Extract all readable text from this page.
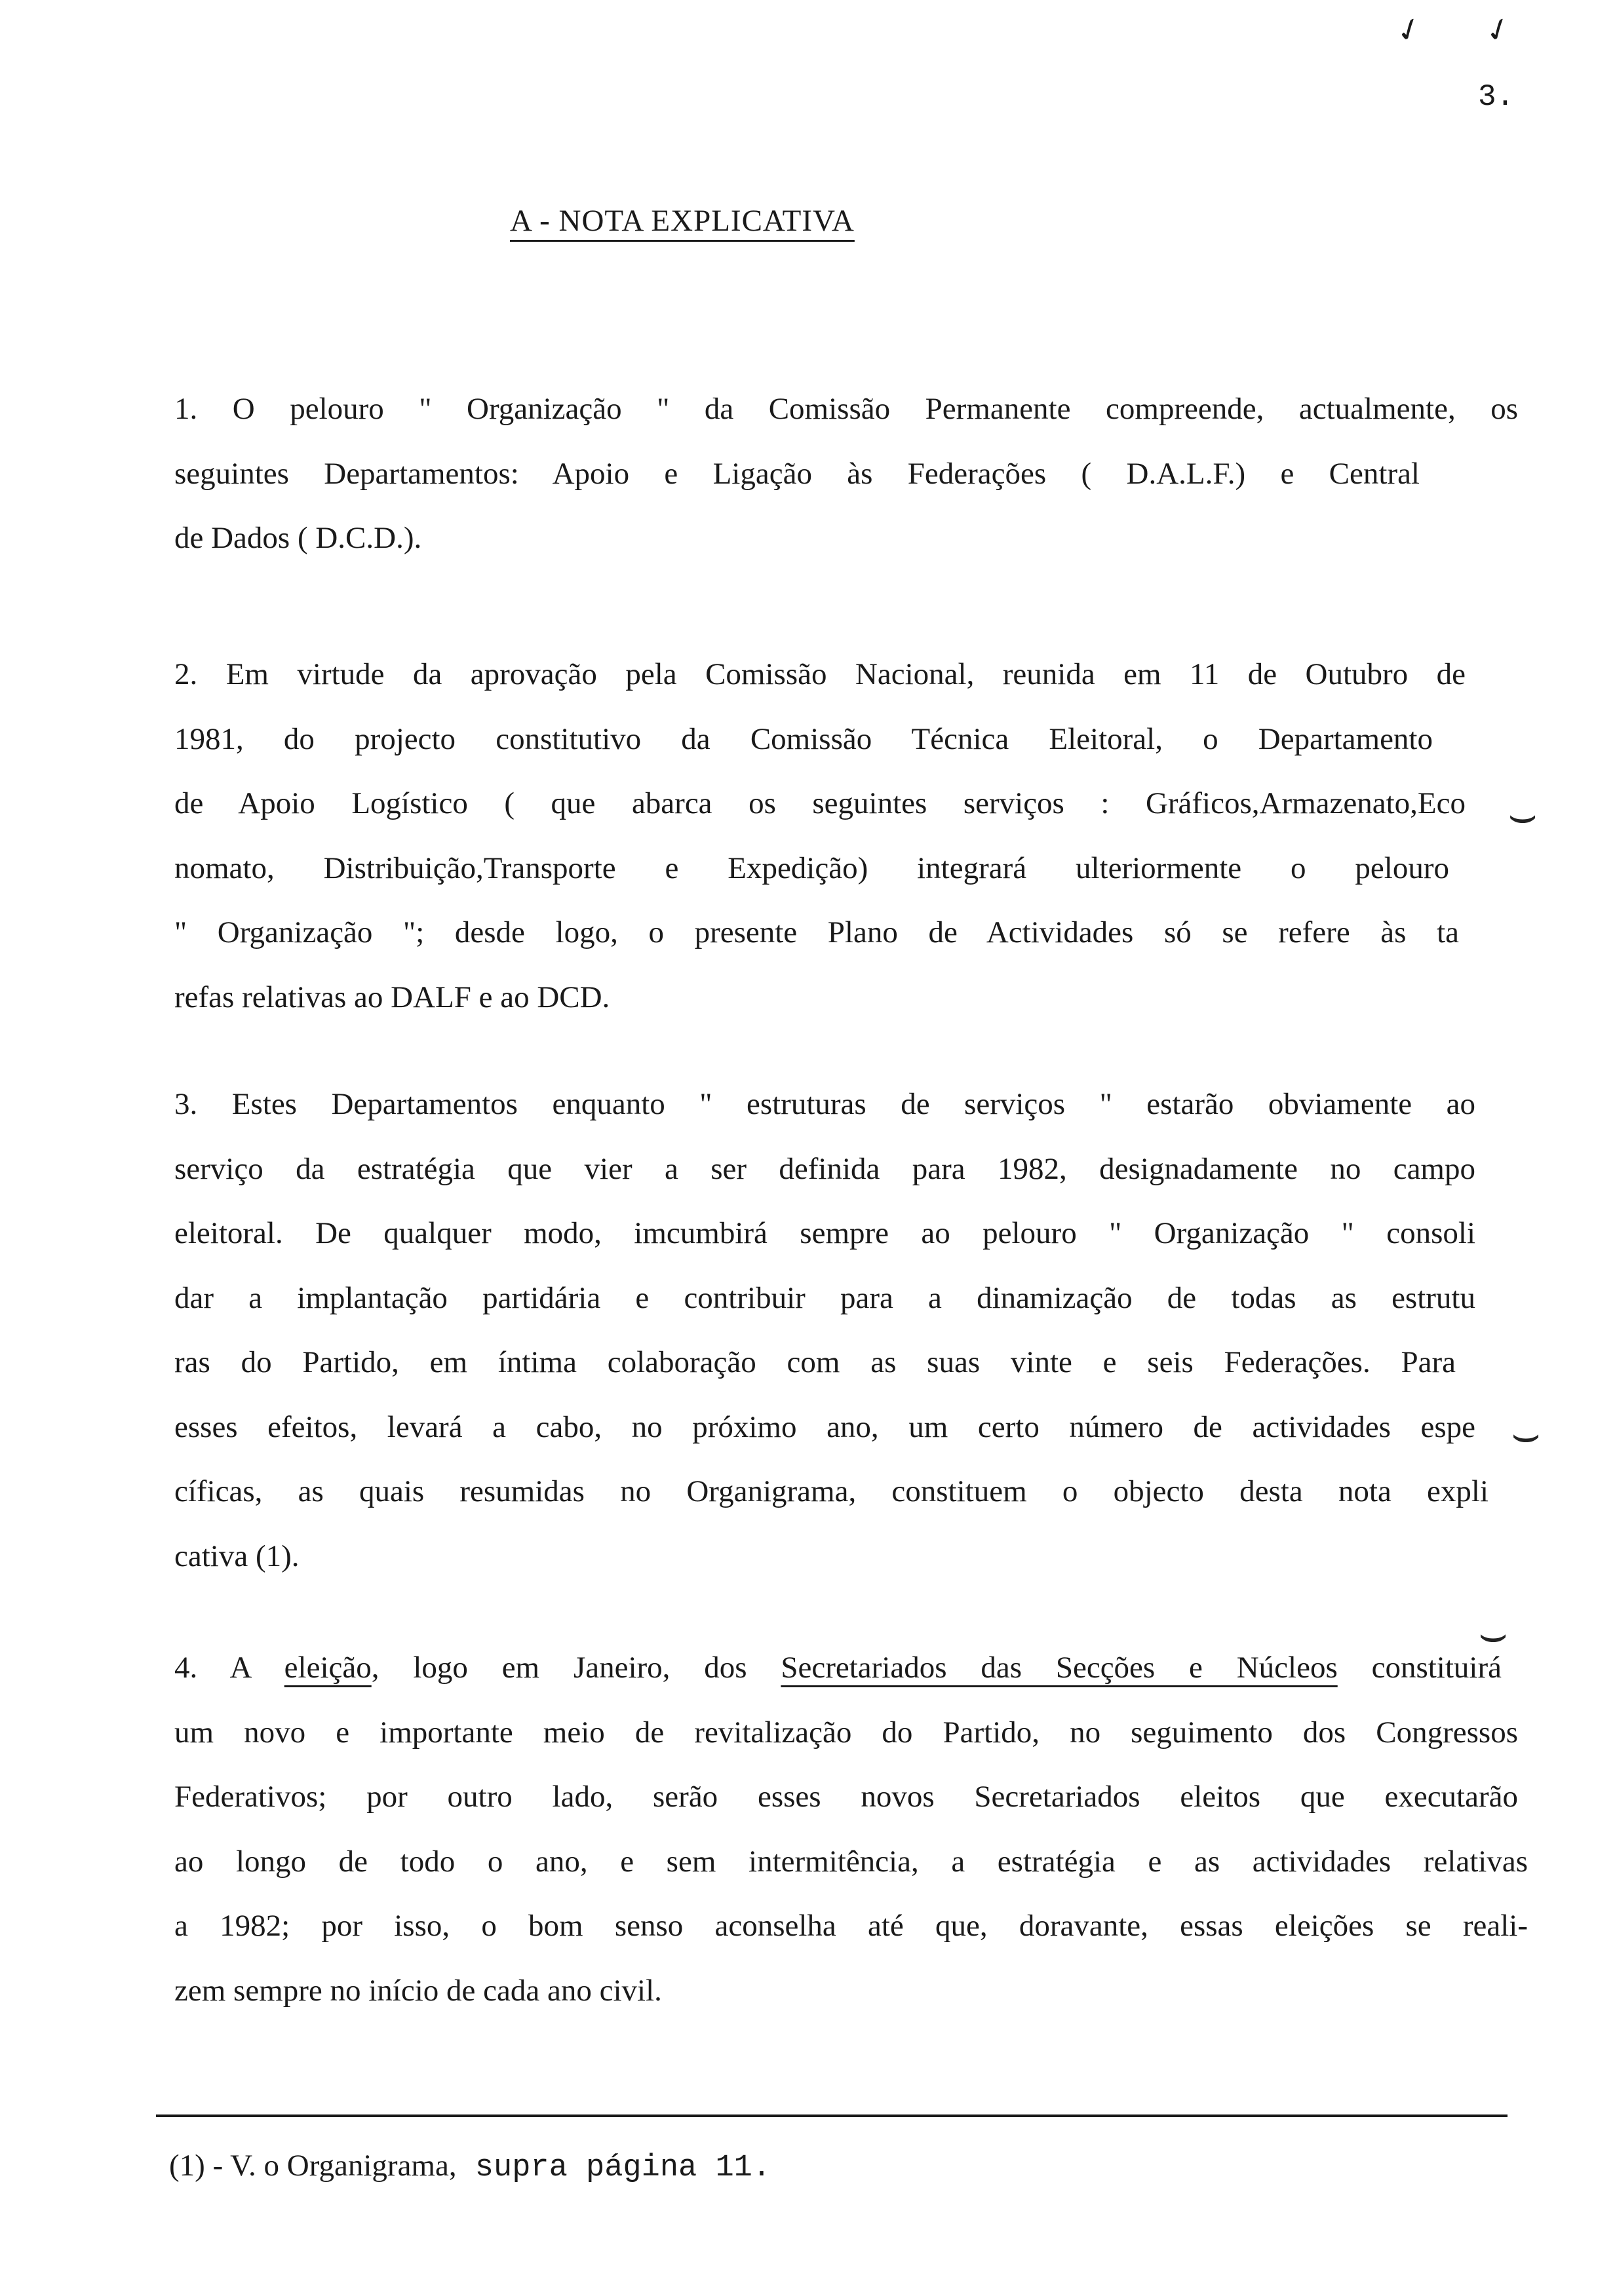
✓ ✓
3.
A - NOTA EXPLICATIVA
1. O pelouro " Organização " da Comissão Permanente compreende, actualmente, os
seguintes Departamentos: Apoio e Ligação às Federações ( D.A.L.F.) e Central
de Dados ( D.C.D.).
2. Em virtude da aprovação pela Comissão Nacional, reunida em 11 de Outubro de
1981, do projecto constitutivo da Comissão Técnica Eleitoral, o Departamento
de Apoio Logístico ( que abarca os seguintes serviços : Gráficos,Armazenato,Eco
nomato, Distribuição,Transporte e Expedição) integrará ulteriormente o pelouro
" Organização "; desde logo, o presente Plano de Actividades só se refere às ta
refas relativas ao DALF e ao DCD.
3. Estes Departamentos enquanto " estruturas de serviços " estarão obviamente ao
serviço da estratégia que vier a ser definida para 1982, designadamente no campo
eleitoral. De qualquer modo, imcumbirá sempre ao pelouro " Organização " consoli
dar a implantação partidária e contribuir para a dinamização de todas as estrutu
ras do Partido, em íntima colaboração com as suas vinte e seis Federações. Para
esses efeitos, levará a cabo, no próximo ano, um certo número de actividades espe
cíficas, as quais resumidas no Organigrama, constituem o objecto desta nota expli
cativa (1).
4. A eleição, logo em Janeiro, dos Secretariados das Secções e Núcleos constituirá
um novo e importante meio de revitalização do Partido, no seguimento dos Congressos
Federativos; por outro lado, serão esses novos Secretariados eleitos que executarão
ao longo de todo o ano, e sem intermitência, a estratégia e as actividades relativas
a 1982; por isso, o bom senso aconselha até que, doravante, essas eleições se reali-
zem sempre no início de cada ano civil.
⌣
⌣
⌣
(1) - V. o Organigrama, supra página 11.
